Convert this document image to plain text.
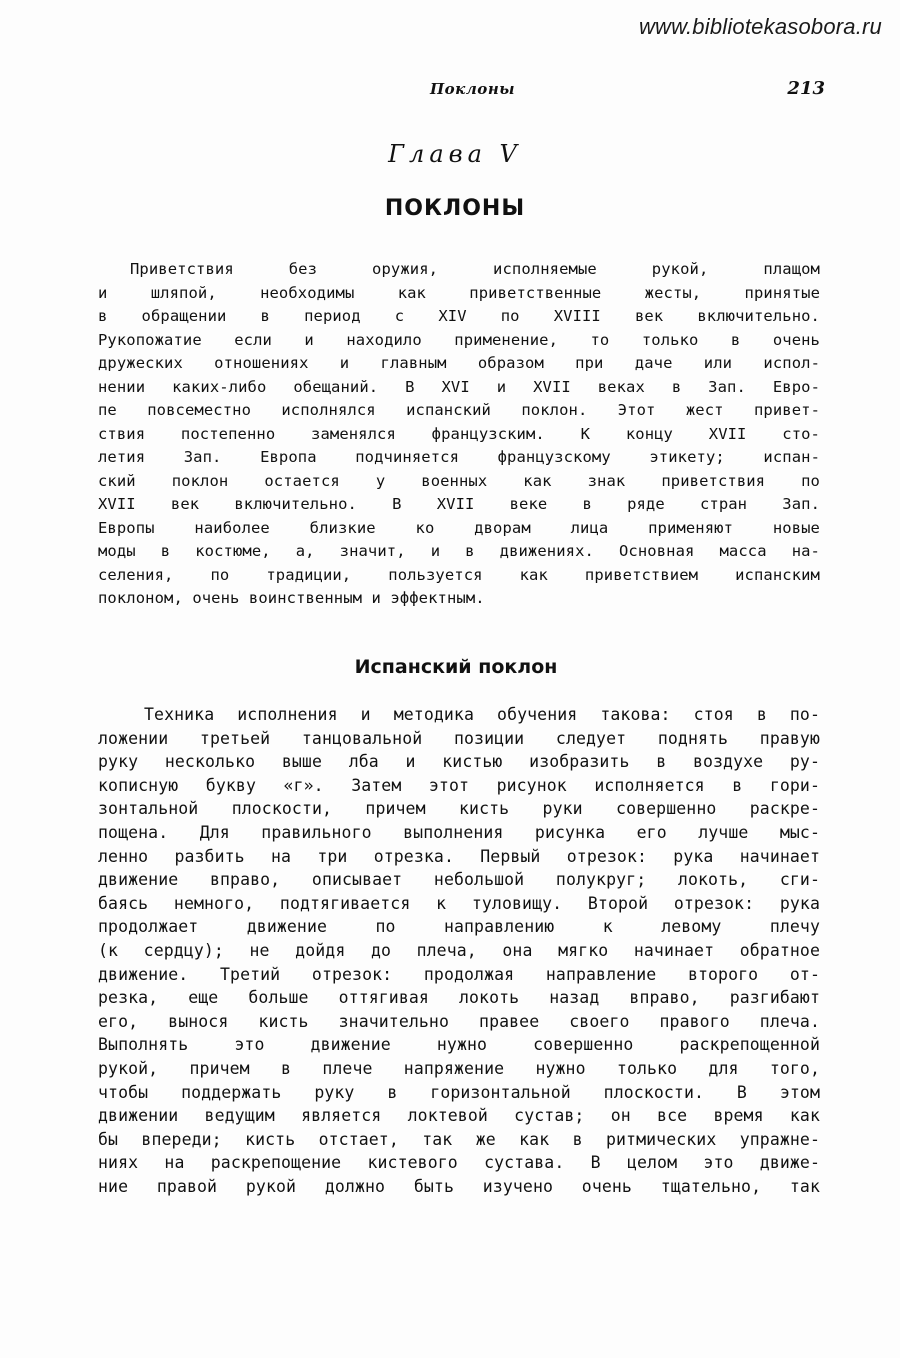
www.bibliotekasobora.ru
Поклоны	213
Глава V
ПОКЛОНЫ
Приветствия без оружия, исполняемые рукой, плащом
и шляпой, необходимы как приветственные жесты, принятые
в обращении в период с XIV по XVIII век включительно.
Рукопожатие если и находило применение, то только в очень
дружеских отношениях и главным образом при даче или испол-
нении каких-либо обещаний. В XVI и XVII веках в Зап. Евро-
пе повсеместно исполнялся испанский поклон. Этот жест привет-
ствия постепенно заменялся французским. К концу XVII сто-
летия Зап. Европа подчиняется французскому этикету; испан-
ский поклон остается у военных как знак приветствия по
XVII век включительно. В XVII веке в ряде стран Зап.
Европы наиболее близкие ко дворам лица применяют новые
моды в костюме, а, значит, и в движениях. Основная масса на-
селения, по традиции, пользуется как приветствием испанским
поклоном, очень воинственным и эффектным.
Испанский поклон
Техника исполнения и методика обучения такова: стоя в по-
ложении третьей танцовальной позиции следует поднять правую
руку несколько выше лба и кистью изобразить в воздухе ру-
кописную букву «г». Затем этот рисунок исполняется в гори-
зонтальной плоскости, причем кисть руки совершенно раскре-
пощена. Для правильного выполнения рисунка его лучше мыс-
ленно разбить на три отрезка. Первый отрезок: рука начинает
движение вправо, описывает небольшой полукруг; локоть, сги-
баясь немного, подтягивается к туловищу. Второй отрезок: рука
продолжает движение по направлению к левому плечу
(к сердцу); не дойдя до плеча, она мягко начинает обратное
движение. Третий отрезок: продолжая направление второго от-
резка, еще больше оттягивая локоть назад вправо, разгибают
его, вынося кисть значительно правее своего правого плеча.
Выполнять это движение нужно совершенно раскрепощенной
рукой, причем в плече напряжение нужно только для того,
чтобы поддержать руку в горизонтальной плоскости. В этом
движении ведущим является локтевой сустав; он все время как
бы впереди; кисть отстает, так же как в ритмических упражне-
ниях на раскрепощение кистевого сустава. В целом это движе-
ние правой рукой должно быть изучено очень тщательно, так
